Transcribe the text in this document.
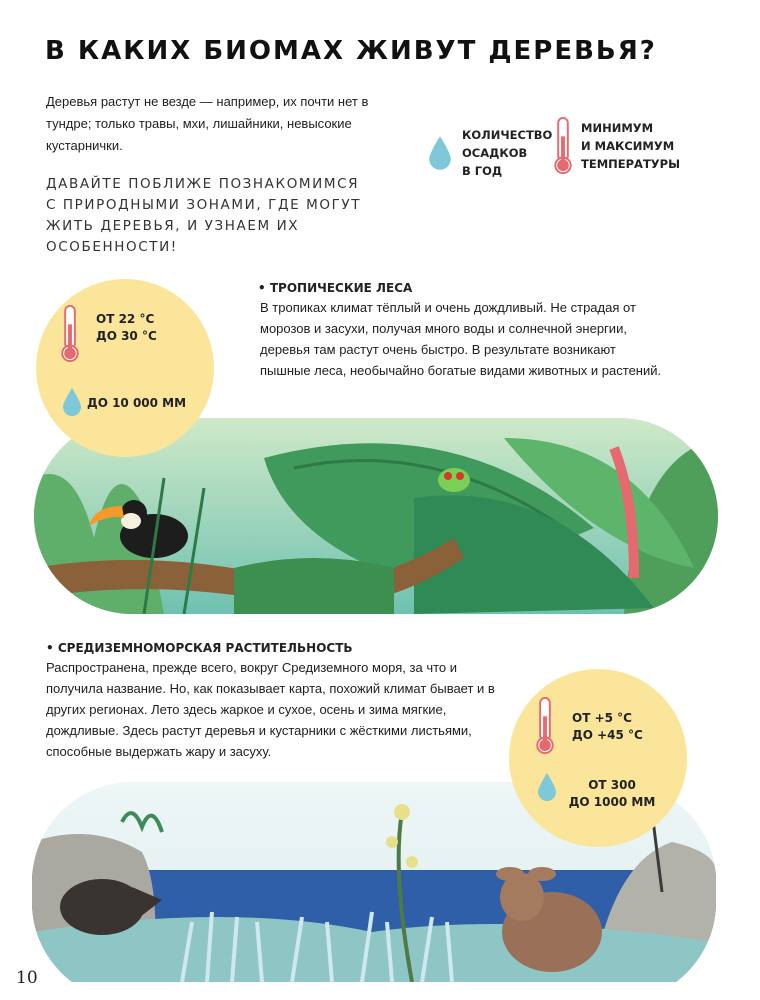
В КАКИХ БИОМАХ ЖИВУТ ДЕРЕВЬЯ?
Деревья растут не везде — например, их почти нет в тундре; только травы, мхи, лишайники, невысокие кустарнички.
ДАВАЙТЕ ПОБЛИЖЕ ПОЗНАКОМИМСЯ С ПРИРОДНЫМИ ЗОНАМИ, ГДЕ МОГУТ ЖИТЬ ДЕРЕВЬЯ, И УЗНАЕМ ИХ ОСОБЕННОСТИ!
КОЛИЧЕСТВО
ОСАДКОВ
В ГОД
МИНИМУМ
И МАКСИМУМ
ТЕМПЕРАТУРЫ
ОТ 22 °С
ДО 30 °С
ДО 10 000 ММ
• ТРОПИЧЕСКИЕ ЛЕСА
В тропиках климат тёплый и очень дождливый. Не страдая от морозов и засухи, получая много воды и солнечной энергии, деревья там растут очень быстро. В результате возникают пышные леса, необычайно богатые видами животных и растений.
• СРЕДИЗЕМНОМОРСКАЯ РАСТИТЕЛЬНОСТЬ
Распространена, прежде всего, вокруг Средиземного моря, за что и получила название. Но, как показывает карта, похожий климат бывает и в других регионах. Лето здесь жаркое и сухое, осень и зима мягкие, дождливые. Здесь растут деревья и кустарники с жёсткими листьями, способные выдержать жару и засуху.
ОТ +5 °С
ДО +45 °С
ОТ 300
ДО 1000 ММ
10
